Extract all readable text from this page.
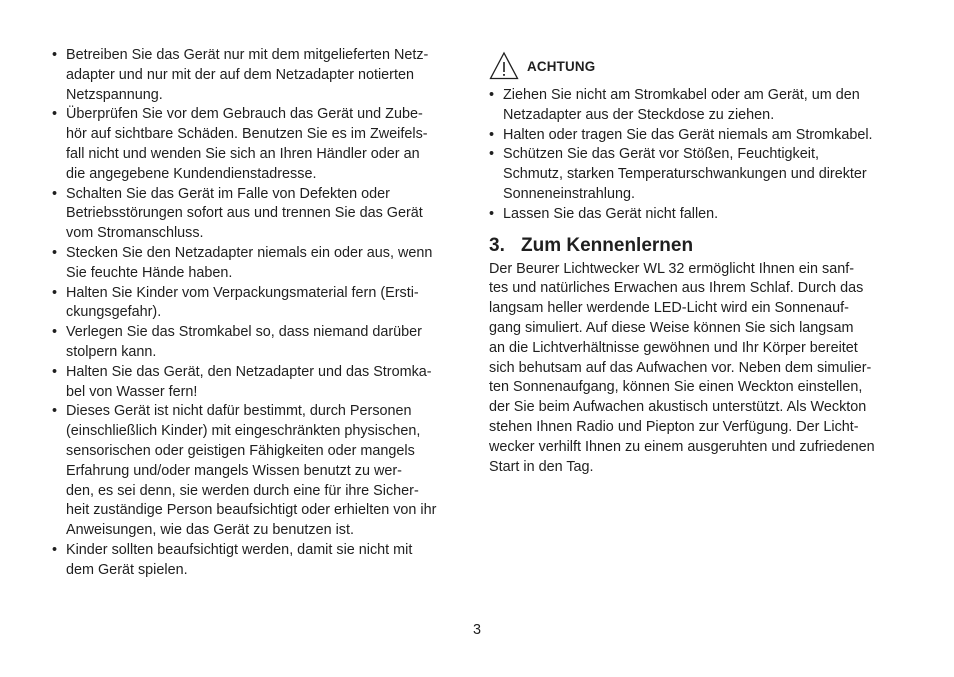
• Betreiben Sie das Gerät nur mit dem mitgelieferten Netz-
adapter und nur mit der auf dem Netzadapter notierten
Netzspannung.
• Überprüfen Sie vor dem Gebrauch das Gerät und Zube-
hör auf sichtbare Schäden. Benutzen Sie es im Zweifels-
fall nicht und wenden Sie sich an Ihren Händler oder an
die angegebene Kundendienstadresse.
• Schalten Sie das Gerät im Falle von Defekten oder
Betriebsstörungen sofort aus und trennen Sie das Gerät
vom Stromanschluss.
• Stecken Sie den Netzadapter niemals ein oder aus, wenn
Sie feuchte Hände haben.
• Halten Sie Kinder vom Verpackungsmaterial fern (Ersti-
ckungsgefahr).
• Verlegen Sie das Stromkabel so, dass niemand darüber
stolpern kann.
• Halten Sie das Gerät, den Netzadapter und das Stromka-
bel von Wasser fern!
• Dieses Gerät ist nicht dafür bestimmt, durch Personen
(einschließlich Kinder) mit eingeschränkten physischen,
sensorischen oder geistigen Fähigkeiten oder mangels
Erfahrung und/oder mangels Wissen benutzt zu wer-
den, es sei denn, sie werden durch eine für ihre Sicher-
heit zuständige Person beaufsichtigt oder erhielten von ihr
Anweisungen, wie das Gerät zu benutzen ist.
• Kinder sollten beaufsichtigt werden, damit sie nicht mit
dem Gerät spielen.
ACHTUNG
• Ziehen Sie nicht am Stromkabel oder am Gerät, um den
Netzadapter aus der Steckdose zu ziehen.
• Halten oder tragen Sie das Gerät niemals am Stromkabel.
• Schützen Sie das Gerät vor Stößen, Feuchtigkeit,
Schmutz, starken Temperaturschwankungen und direkter
Sonneneinstrahlung.
• Lassen Sie das Gerät nicht fallen.
3. Zum Kennenlernen
Der Beurer Lichtwecker WL 32 ermöglicht Ihnen ein sanf-
tes und natürliches Erwachen aus Ihrem Schlaf. Durch das
langsam heller werdende LED-Licht wird ein Sonnenauf-
gang simuliert. Auf diese Weise können Sie sich langsam
an die Lichtverhältnisse gewöhnen und Ihr Körper bereitet
sich behutsam auf das Aufwachen vor. Neben dem simulier-
ten Sonnenaufgang, können Sie einen Weckton einstellen,
der Sie beim Aufwachen akustisch unterstützt. Als Weckton
stehen Ihnen Radio und Piepton zur Verfügung. Der Licht-
wecker verhilft Ihnen zu einem ausgeruhten und zufriedenen
Start in den Tag.
3
